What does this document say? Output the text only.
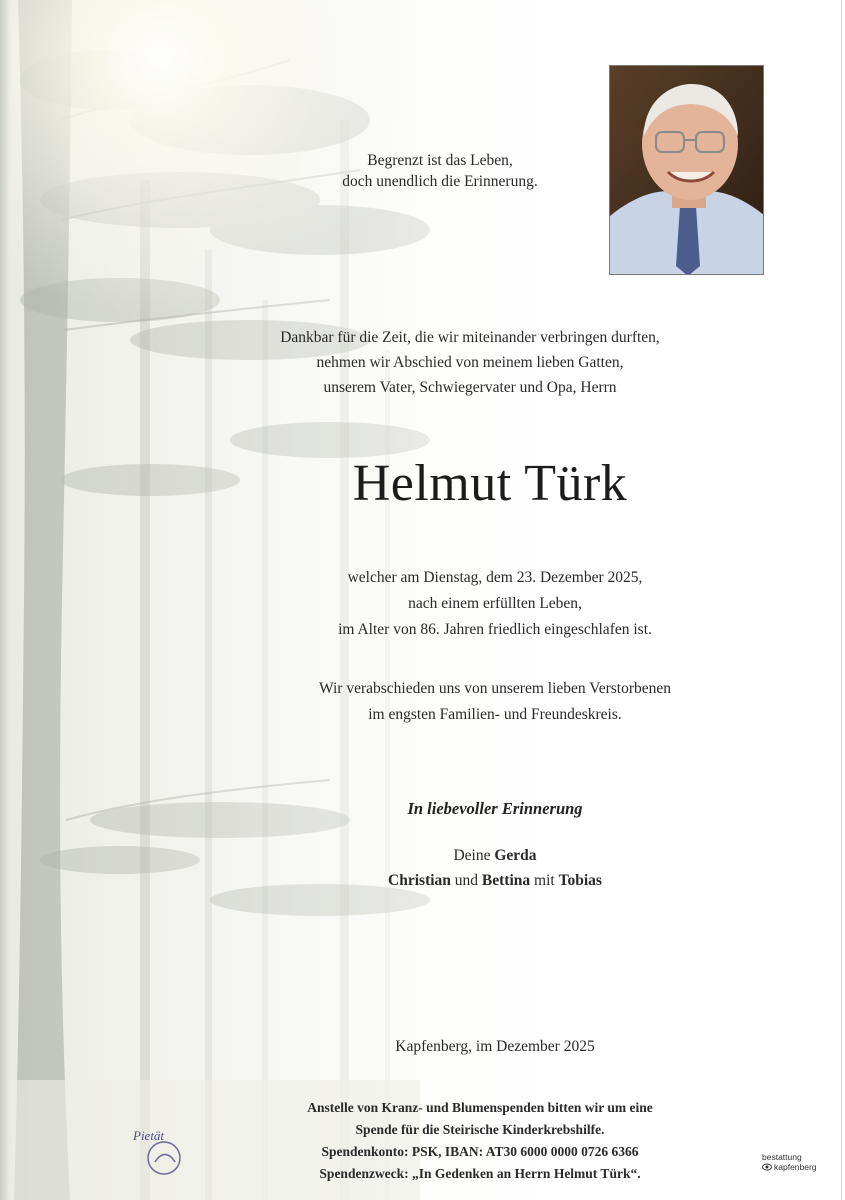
Begrenzt ist das Leben,
doch unendlich die Erinnerung.
Dankbar für die Zeit, die wir miteinander verbringen durften,
nehmen wir Abschied von meinem lieben Gatten,
unserem Vater, Schwiegervater und Opa, Herrn
Helmut Türk
welcher am Dienstag, dem 23. Dezember 2025,
nach einem erfüllten Leben,
im Alter von 86. Jahren friedlich eingeschlafen ist.
Wir verabschieden uns von unserem lieben Verstorbenen
im engsten Familien- und Freundeskreis.
In liebevoller Erinnerung
Deine Gerda
Christian und Bettina mit Tobias
Kapfenberg, im Dezember 2025
Anstelle von Kranz- und Blumenspenden bitten wir um eine
Spende für die Steirische Kinderkrebshilfe.
Spendenkonto: PSK, IBAN: AT30 6000 0000 0726 6366
Spendenzweck: „In Gedenken an Herrn Helmut Türk“.
Pietät
bestattung
kapfenberg
